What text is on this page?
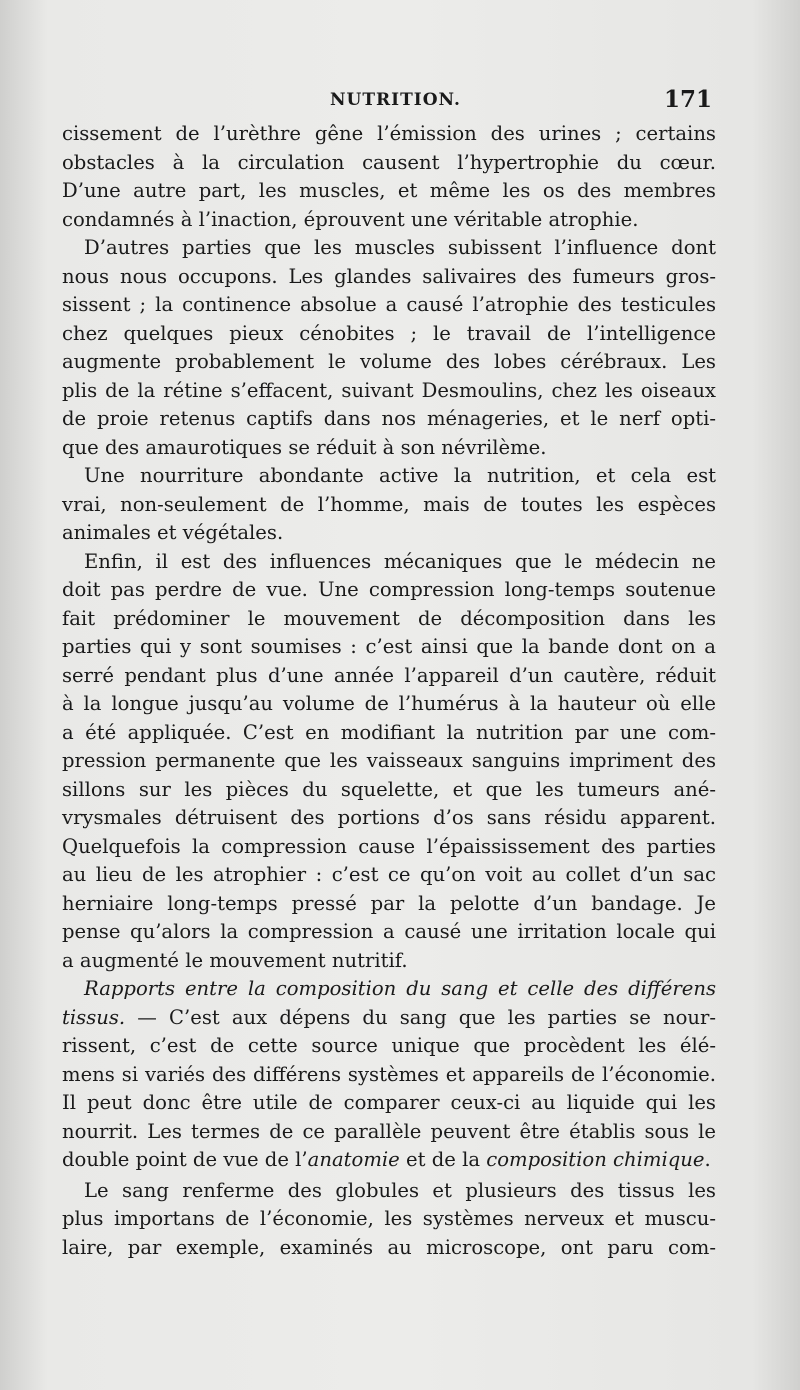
NUTRITION.	171
cissement de l’urèthre gêne l’émission des urines ; certains
obstacles à la circulation causent l’hypertrophie du cœur.
D’une autre part, les muscles, et même les os des membres
condamnés à l’inaction, éprouvent une véritable atrophie.
D’autres parties que les muscles subissent l’influence dont
nous nous occupons. Les glandes salivaires des fumeurs gros-
sissent ; la continence absolue a causé l’atrophie des testicules
chez quelques pieux cénobites ; le travail de l’intelligence
augmente probablement le volume des lobes cérébraux. Les
plis de la rétine s’effacent, suivant Desmoulins, chez les oiseaux
de proie retenus captifs dans nos ménageries, et le nerf opti-
que des amaurotiques se réduit à son névrilème.
Une nourriture abondante active la nutrition, et cela est
vrai, non-seulement de l’homme, mais de toutes les espèces
animales et végétales.
Enfin, il est des influences mécaniques que le médecin ne
doit pas perdre de vue. Une compression long-temps soutenue
fait prédominer le mouvement de décomposition dans les
parties qui y sont soumises : c’est ainsi que la bande dont on a
serré pendant plus d’une année l’appareil d’un cautère, réduit
à la longue jusqu’au volume de l’humérus à la hauteur où elle
a été appliquée. C’est en modifiant la nutrition par une com-
pression permanente que les vaisseaux sanguins impriment des
sillons sur les pièces du squelette, et que les tumeurs ané-
vrysmales détruisent des portions d’os sans résidu apparent.
Quelquefois la compression cause l’épaississement des parties
au lieu de les atrophier : c’est ce qu’on voit au collet d’un sac
herniaire long-temps pressé par la pelotte d’un bandage. Je
pense qu’alors la compression a causé une irritation locale qui
a augmenté le mouvement nutritif.
Rapports entre la composition du sang et celle des différens
tissus. — C’est aux dépens du sang que les parties se nour-
rissent, c’est de cette source unique que procèdent les élé-
mens si variés des différens systèmes et appareils de l’économie.
Il peut donc être utile de comparer ceux-ci au liquide qui les
nourrit. Les termes de ce parallèle peuvent être établis sous le
double point de vue de l’anatomie et de la composition chimique.
Le sang renferme des globules et plusieurs des tissus les
plus importans de l’économie, les systèmes nerveux et muscu-
laire, par exemple, examinés au microscope, ont paru com-
